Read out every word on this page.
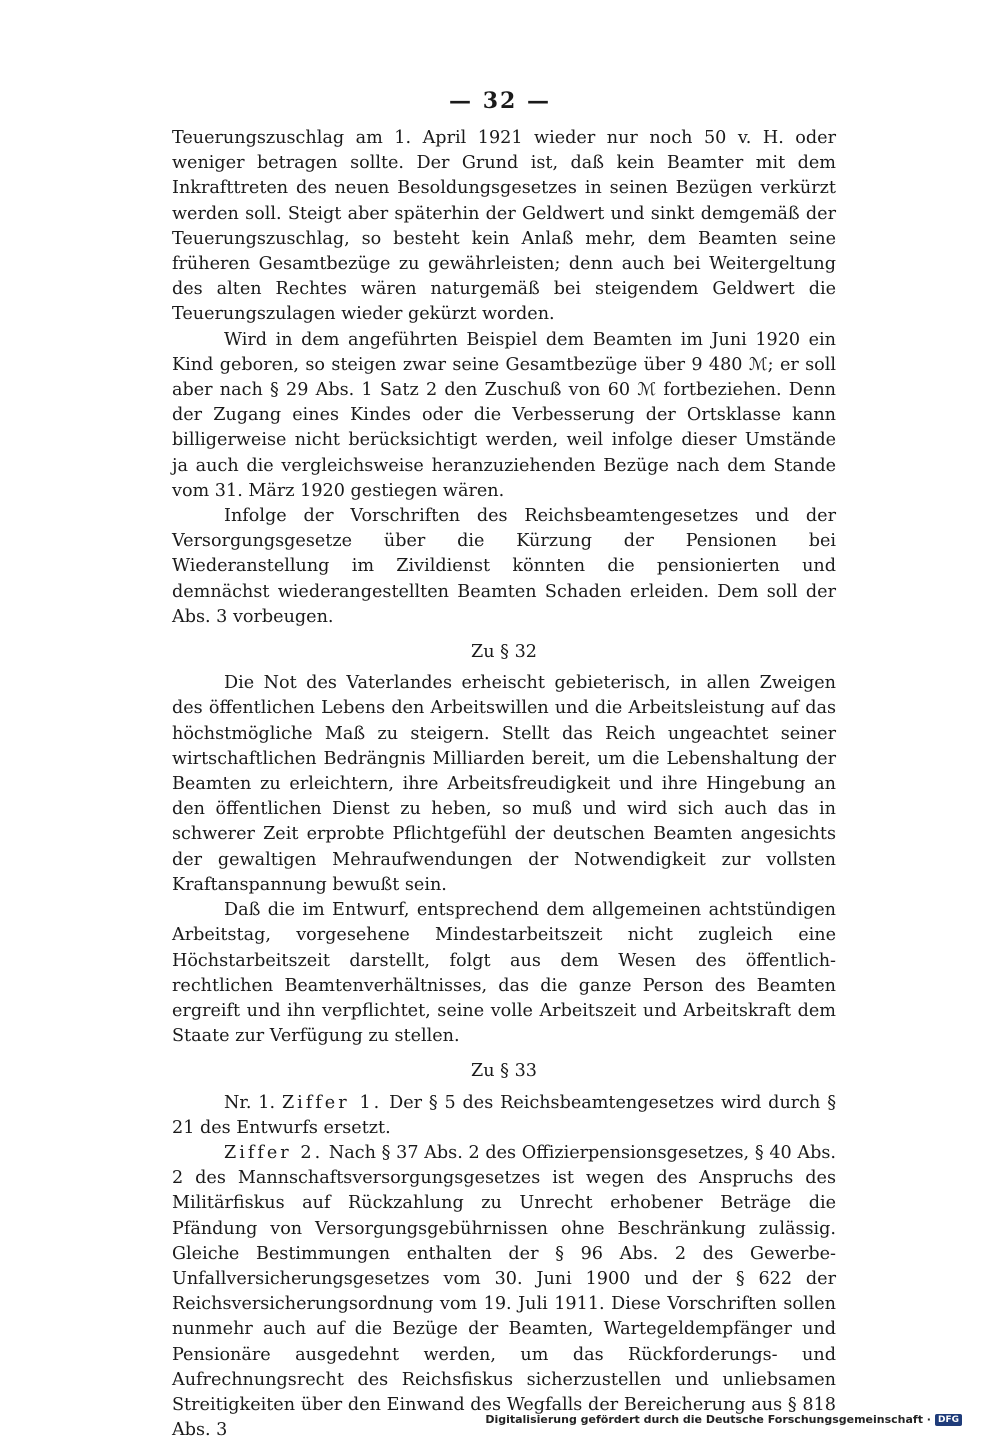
— 32 —

Teuerungszuschlag am 1. April 1921 wieder nur noch 50 v. H. oder weniger betragen sollte. Der Grund ist, daß kein Beamter mit dem Inkrafttreten des neuen Besoldungsgesetzes in seinen Bezügen verkürzt werden soll. Steigt aber späterhin der Geldwert und sinkt demgemäß der Teuerungszuschlag, so besteht kein Anlaß mehr, dem Beamten seine früheren Gesamtbezüge zu gewährleisten; denn auch bei Weitergeltung des alten Rechtes wären naturgemäß bei steigendem Geldwert die Teuerungszulagen wieder gekürzt worden.

Wird in dem angeführten Beispiel dem Beamten im Juni 1920 ein Kind geboren, so steigen zwar seine Gesamtbezüge über 9 480 ℳ; er soll aber nach § 29 Abs. 1 Satz 2 den Zuschuß von 60 ℳ fortbeziehen. Denn der Zugang eines Kindes oder die Verbesserung der Ortsklasse kann billigerweise nicht berücksichtigt werden, weil infolge dieser Umstände ja auch die vergleichsweise heranzuziehenden Bezüge nach dem Stande vom 31. März 1920 gestiegen wären.

Infolge der Vorschriften des Reichsbeamtengesetzes und der Versorgungsgesetze über die Kürzung der Pensionen bei Wiederanstellung im Zivildienst könnten die pensionierten und demnächst wiederangestellten Beamten Schaden erleiden. Dem soll der Abs. 3 vorbeugen.

Zu § 32

Die Not des Vaterlandes erheischt gebieterisch, in allen Zweigen des öffentlichen Lebens den Arbeitswillen und die Arbeitsleistung auf das höchstmögliche Maß zu steigern. Stellt das Reich ungeachtet seiner wirtschaftlichen Bedrängnis Milliarden bereit, um die Lebenshaltung der Beamten zu erleichtern, ihre Arbeitsfreudigkeit und ihre Hingebung an den öffentlichen Dienst zu heben, so muß und wird sich auch das in schwerer Zeit erprobte Pflichtgefühl der deutschen Beamten angesichts der gewaltigen Mehraufwendungen der Notwendigkeit zur vollsten Kraftanspannung bewußt sein.

Daß die im Entwurf, entsprechend dem allgemeinen achtstündigen Arbeitstag, vorgesehene Mindestarbeitszeit nicht zugleich eine Höchstarbeitszeit darstellt, folgt aus dem Wesen des öffentlich-rechtlichen Beamtenverhältnisses, das die ganze Person des Beamten ergreift und ihn verpflichtet, seine volle Arbeitszeit und Arbeitskraft dem Staate zur Verfügung zu stellen.

Zu § 33

Nr. 1. Ziffer 1. Der § 5 des Reichsbeamtengesetzes wird durch § 21 des Entwurfs ersetzt.

Ziffer 2. Nach § 37 Abs. 2 des Offizierpensionsgesetzes, § 40 Abs. 2 des Mannschaftsversorgungsgesetzes ist wegen des Anspruchs des Militärfiskus auf Rückzahlung zu Unrecht erhobener Beträge die Pfändung von Versorgungsgebührnissen ohne Beschränkung zulässig. Gleiche Bestimmungen enthalten der § 96 Abs. 2 des Gewerbe-Unfallversicherungsgesetzes vom 30. Juni 1900 und der § 622 der Reichsversicherungsordnung vom 19. Juli 1911. Diese Vorschriften sollen nunmehr auch auf die Bezüge der Beamten, Wartegeldempfänger und Pensionäre ausgedehnt werden, um das Rückforderungs- und Aufrechnungsrecht des Reichsfiskus sicherzustellen und unliebsamen Streitigkeiten über den Einwand des Wegfalls der Bereicherung aus § 818 Abs. 3

Digitalisierung gefördert durch die Deutsche Forschungsgemeinschaft · DFG
